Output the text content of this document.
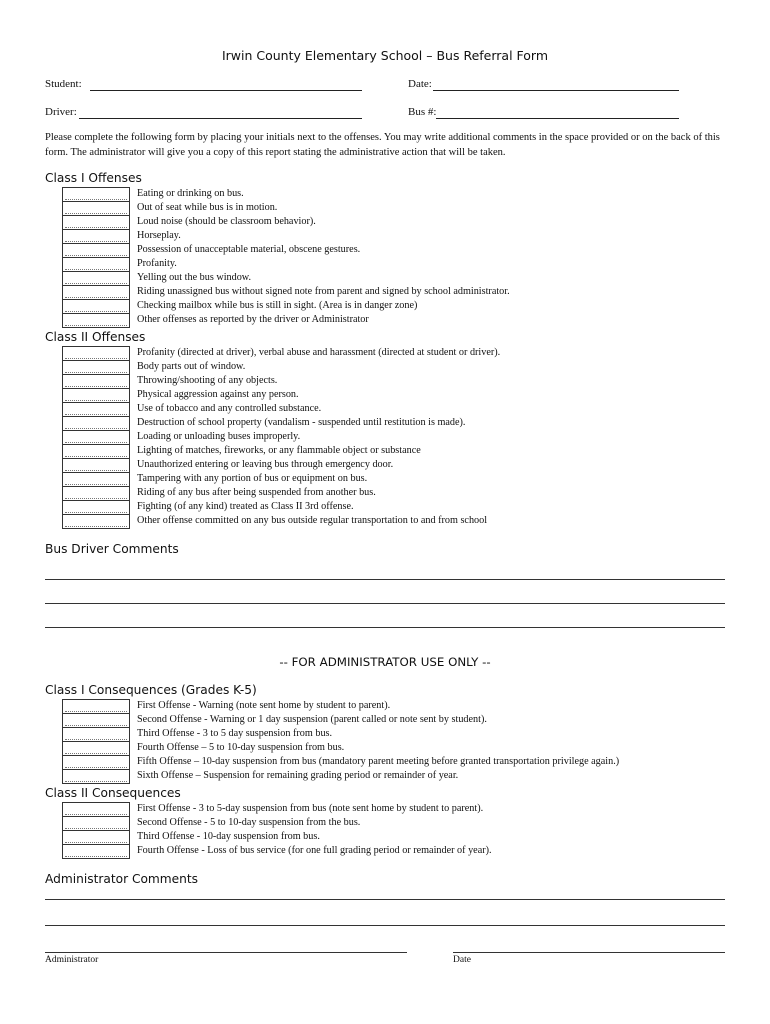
Irwin County Elementary School – Bus Referral Form
Student:	Date:
Driver:	Bus #:
Please complete the following form by placing your initials next to the offenses. You may write additional comments in the space provided or on the back of this form. The administrator will give you a copy of this report stating the administrative action that will be taken.
Class I Offenses
Eating or drinking on bus.
Out of seat while bus is in motion.
Loud noise (should be classroom behavior).
Horseplay.
Possession of unacceptable material, obscene gestures.
Profanity.
Yelling out the bus window.
Riding unassigned bus without signed note from parent and signed by school administrator.
Checking mailbox while bus is still in sight. (Area is in danger zone)
Other offenses as reported by the driver or Administrator
Class II Offenses
Profanity (directed at driver), verbal abuse and harassment (directed at student or driver).
Body parts out of window.
Throwing/shooting of any objects.
Physical aggression against any person.
Use of tobacco and any controlled substance.
Destruction of school property (vandalism - suspended until restitution is made).
Loading or unloading buses improperly.
Lighting of matches, fireworks, or any flammable object or substance
Unauthorized entering or leaving bus through emergency door.
Tampering with any portion of bus or equipment on bus.
Riding of any bus after being suspended from another bus.
Fighting (of any kind) treated as Class II 3rd offense.
Other offense committed on any bus outside regular transportation to and from school
Bus Driver Comments
-- FOR ADMINISTRATOR USE ONLY --
Class I Consequences (Grades K-5)
First Offense - Warning (note sent home by student to parent).
Second Offense - Warning or 1 day suspension (parent called or note sent by student).
Third Offense - 3 to 5 day suspension from bus.
Fourth Offense – 5 to 10-day suspension from bus.
Fifth Offense – 10-day suspension from bus (mandatory parent meeting before granted transportation privilege again.)
Sixth Offense – Suspension for remaining grading period or remainder of year.
Class II Consequences
First Offense - 3 to 5-day suspension from bus (note sent home by student to parent).
Second Offense - 5 to 10-day suspension from the bus.
Third Offense - 10-day suspension from bus.
Fourth Offense - Loss of bus service (for one full grading period or remainder of year).
Administrator Comments
Administrator	Date
